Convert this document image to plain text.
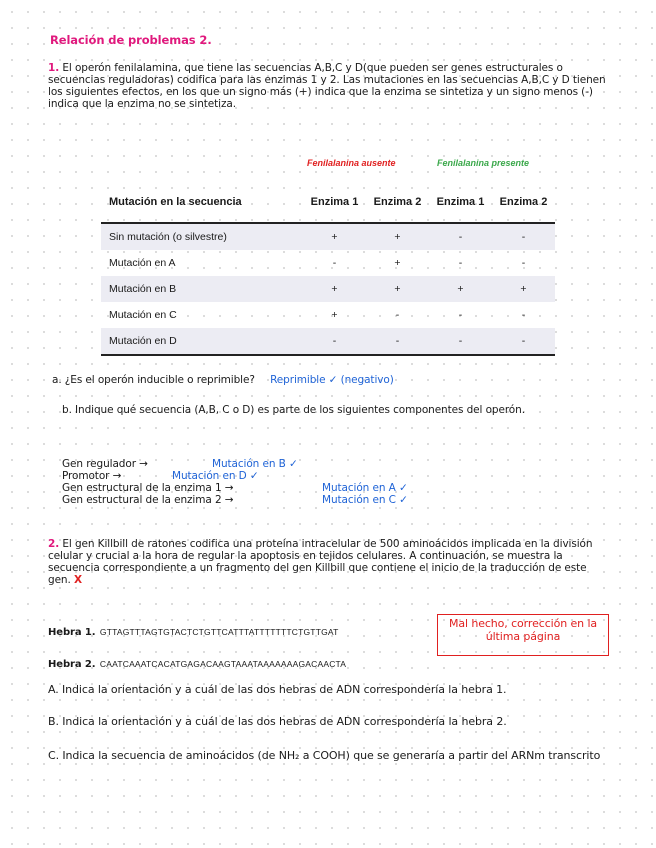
Relación de problemas 2.
1. El operón fenilalamina, que tiene las secuencias A,B,C y D(que pueden ser genes estructurales o secuencias reguladoras) codifica para las enzimas 1 y 2. Las mutaciones en las secuencias A,B,C y D tienen los siguientes efectos, en los que un signo más (+) indica que la enzima se sintetiza y un signo menos (-) indica que la enzima no se sintetiza.
Fenilalanina ausente	Fenilalanina presente
Mutación en la secuencia	Enzima 1	Enzima 2	Enzima 1	Enzima 2
Sin mutación (o silvestre)	+	+	-	-
Mutación en A	-	+	-	-
Mutación en B	+	+	+	+
Mutación en C	+	-	-	-
Mutación en D	-	-	-	-
a. ¿Es el operón inducible o reprimible? Reprimible ✓ (negativo)
b. Indique qué secuencia (A,B, C o D) es parte de los siguientes componentes del operón.
Gen regulador →	Mutación en B ✓
Promotor →	Mutación en D ✓
Gen estructural de la enzima 1 →	Mutación en A ✓
Gen estructural de la enzima 2 →	Mutación en C ✓
2. El gen Killbill de ratones codifica una proteína intracelular de 500 aminoácidos implicada en la división celular y crucial a la hora de regular la apoptosis en tejidos celulares. A continuación, se muestra la secuencia correspondiente a un fragmento del gen Killbill que contiene el inicio de la traducción de este gen. X
Hebra 1. GTTAGTTTAGTGTACTCTGTTCATTTATTTTTTTCTGTTGAT
Hebra 2. CAATCAAATCACATGAGACAAGTAAATAAAAAAAGACAACTA
Mal hecho, corrección en la última página
A. Indica la orientación y a cuál de las dos hebras de ADN correspondería la hebra 1.
B. Indica la orientación y a cuál de las dos hebras de ADN correspondería la hebra 2.
C. Indica la secuencia de aminoácidos (de NH₂ a COOH) que se generaría a partir del ARNm transcrito
